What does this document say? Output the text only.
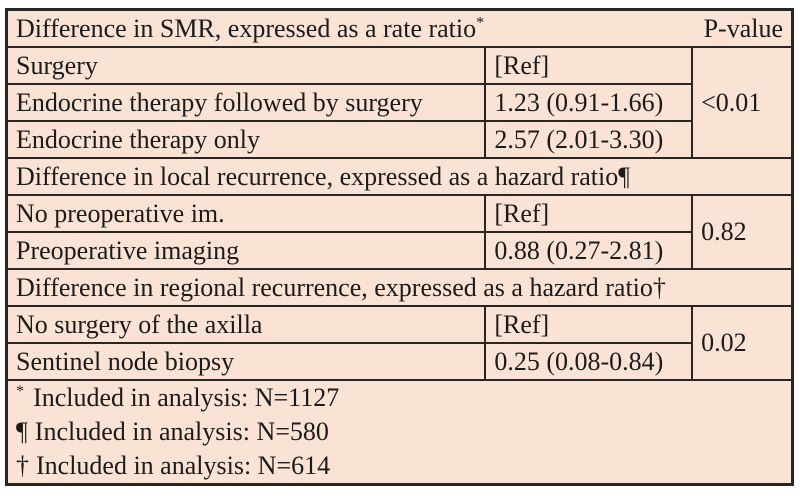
Difference in SMR, expressed as a rate ratio* P-value		

Surgery	[Ref]	<0.01
Endocrine therapy followed by surgery	1.23 (0.91-1.66)	
Endocrine therapy only	2.57 (2.01-3.30)	
Difference in local recurrence, expressed as a hazard ratio¶		
No preoperative im.	[Ref]	0.82
Preoperative imaging	0.88 (0.27-2.81)	
Difference in regional recurrence, expressed as a hazard ratio†		
No surgery of the axilla	[Ref]	0.02
Sentinel node biopsy	0.25 (0.08-0.84)	

* Included in analysis: N=1127
¶ Included in analysis: N=580
† Included in analysis: N=614		
